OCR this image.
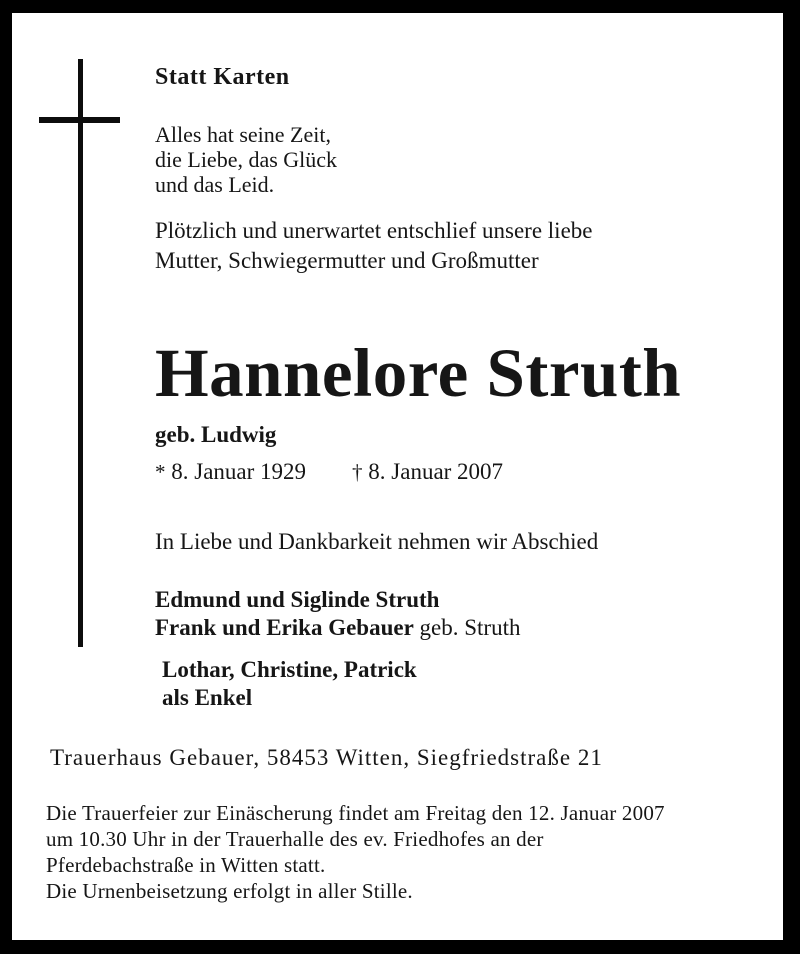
Statt Karten
Alles hat seine Zeit,
die Liebe, das Glück
und das Leid.
Plötzlich und unerwartet entschlief unsere liebe
Mutter, Schwiegermutter und Großmutter
Hannelore Struth
geb. Ludwig
* 8. Januar 1929 † 8. Januar 2007
In Liebe und Dankbarkeit nehmen wir Abschied
Edmund und Siglinde Struth
Frank und Erika Gebauer geb. Struth
Lothar, Christine, Patrick
als Enkel
Trauerhaus Gebauer, 58453 Witten, Siegfriedstraße 21
Die Trauerfeier zur Einäscherung findet am Freitag den 12. Januar 2007
um 10.30 Uhr in der Trauerhalle des ev. Friedhofes an der
Pferdebachstraße in Witten statt.
Die Urnenbeisetzung erfolgt in aller Stille.
